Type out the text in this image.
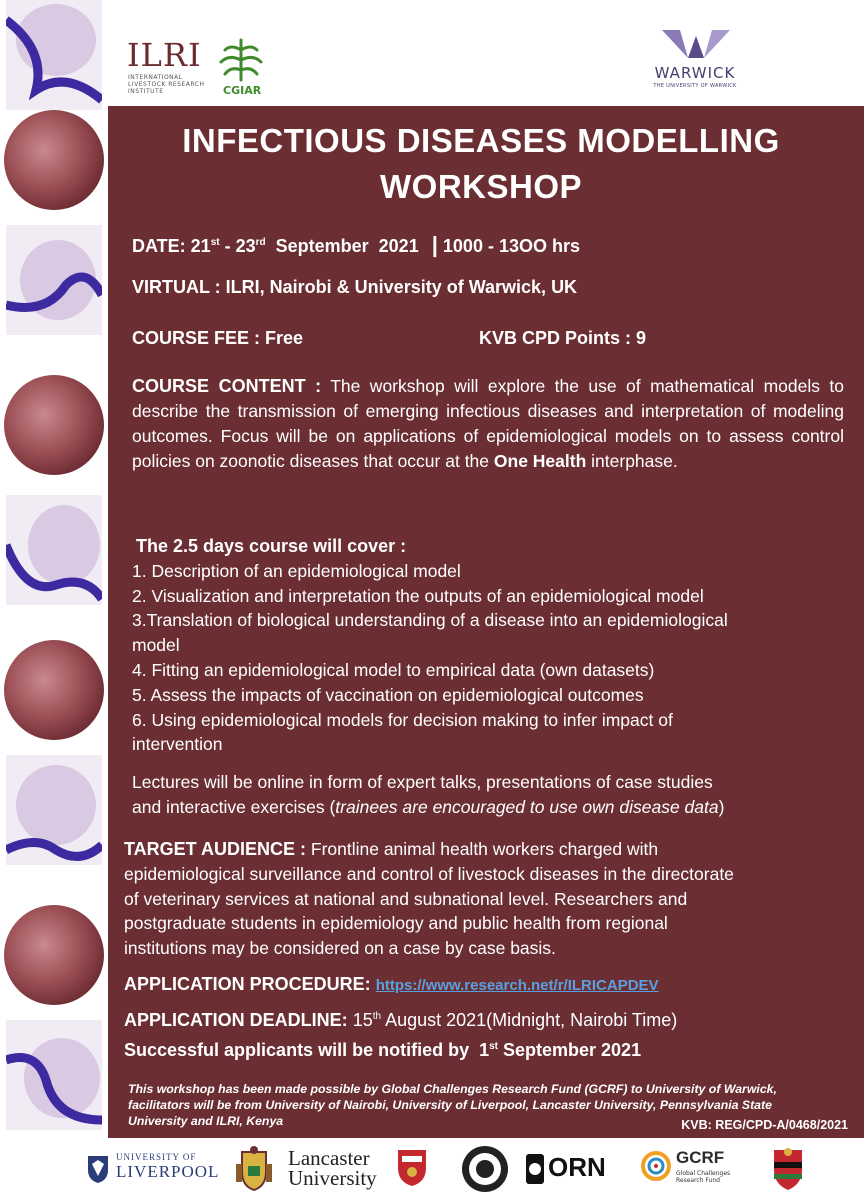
ILRI
INTERNATIONAL
LIVESTOCK RESEARCH
INSTITUTE	CGIAR
WARWICK
THE UNIVERSITY OF WARWICK
INFECTIOUS DISEASES MODELLING
WORKSHOP
DATE: 21st - 23rd  September  2021 | 1000 - 13OO hrs
VIRTUAL : ILRI, Nairobi & University of Warwick, UK
COURSE FEE : Free	KVB CPD Points : 9
COURSE CONTENT : The workshop will explore the use of mathematical models to describe the transmission of emerging infectious diseases and interpretation of modeling outcomes. Focus will be on applications of epidemiological models on to assess control policies on zoonotic diseases that occur at the One Health interphase.
The 2.5 days course will cover :
1. Description of an epidemiological model
2. Visualization and interpretation the outputs of an epidemiological model
3.Translation of biological understanding of a disease into an epidemiological
model
4. Fitting an epidemiological model to empirical data (own datasets)
5. Assess the impacts of vaccination on epidemiological outcomes
6. Using epidemiological models for decision making to infer impact of
intervention
Lectures will be online in form of expert talks, presentations of case studies
and interactive exercises (trainees are encouraged to use own disease data)
TARGET AUDIENCE : Frontline animal health workers charged with
epidemiological surveillance and control of livestock diseases in the directorate
of veterinary services at national and subnational level. Researchers and
postgraduate students in epidemiology and public health from regional
institutions may be considered on a case by case basis.
APPLICATION PROCEDURE: https://www.research.net/r/ILRICAPDEV
APPLICATION DEADLINE: 15th August 2021(Midnight, Nairobi Time)
Successful applicants will be notified by  1st September 2021
This workshop has been made possible by Global Challenges Research Fund (GCRF) to University of Warwick,
facilitators will be from University of Nairobi, University of Liverpool, Lancaster University, Pennsylvania State
University and ILRI, Kenya	KVB: REG/CPD-A/0468/2021
UNIVERSITY OF
LIVERPOOL
Lancaster
University	ORN	GCRF
Global Challenges
Research Fund
